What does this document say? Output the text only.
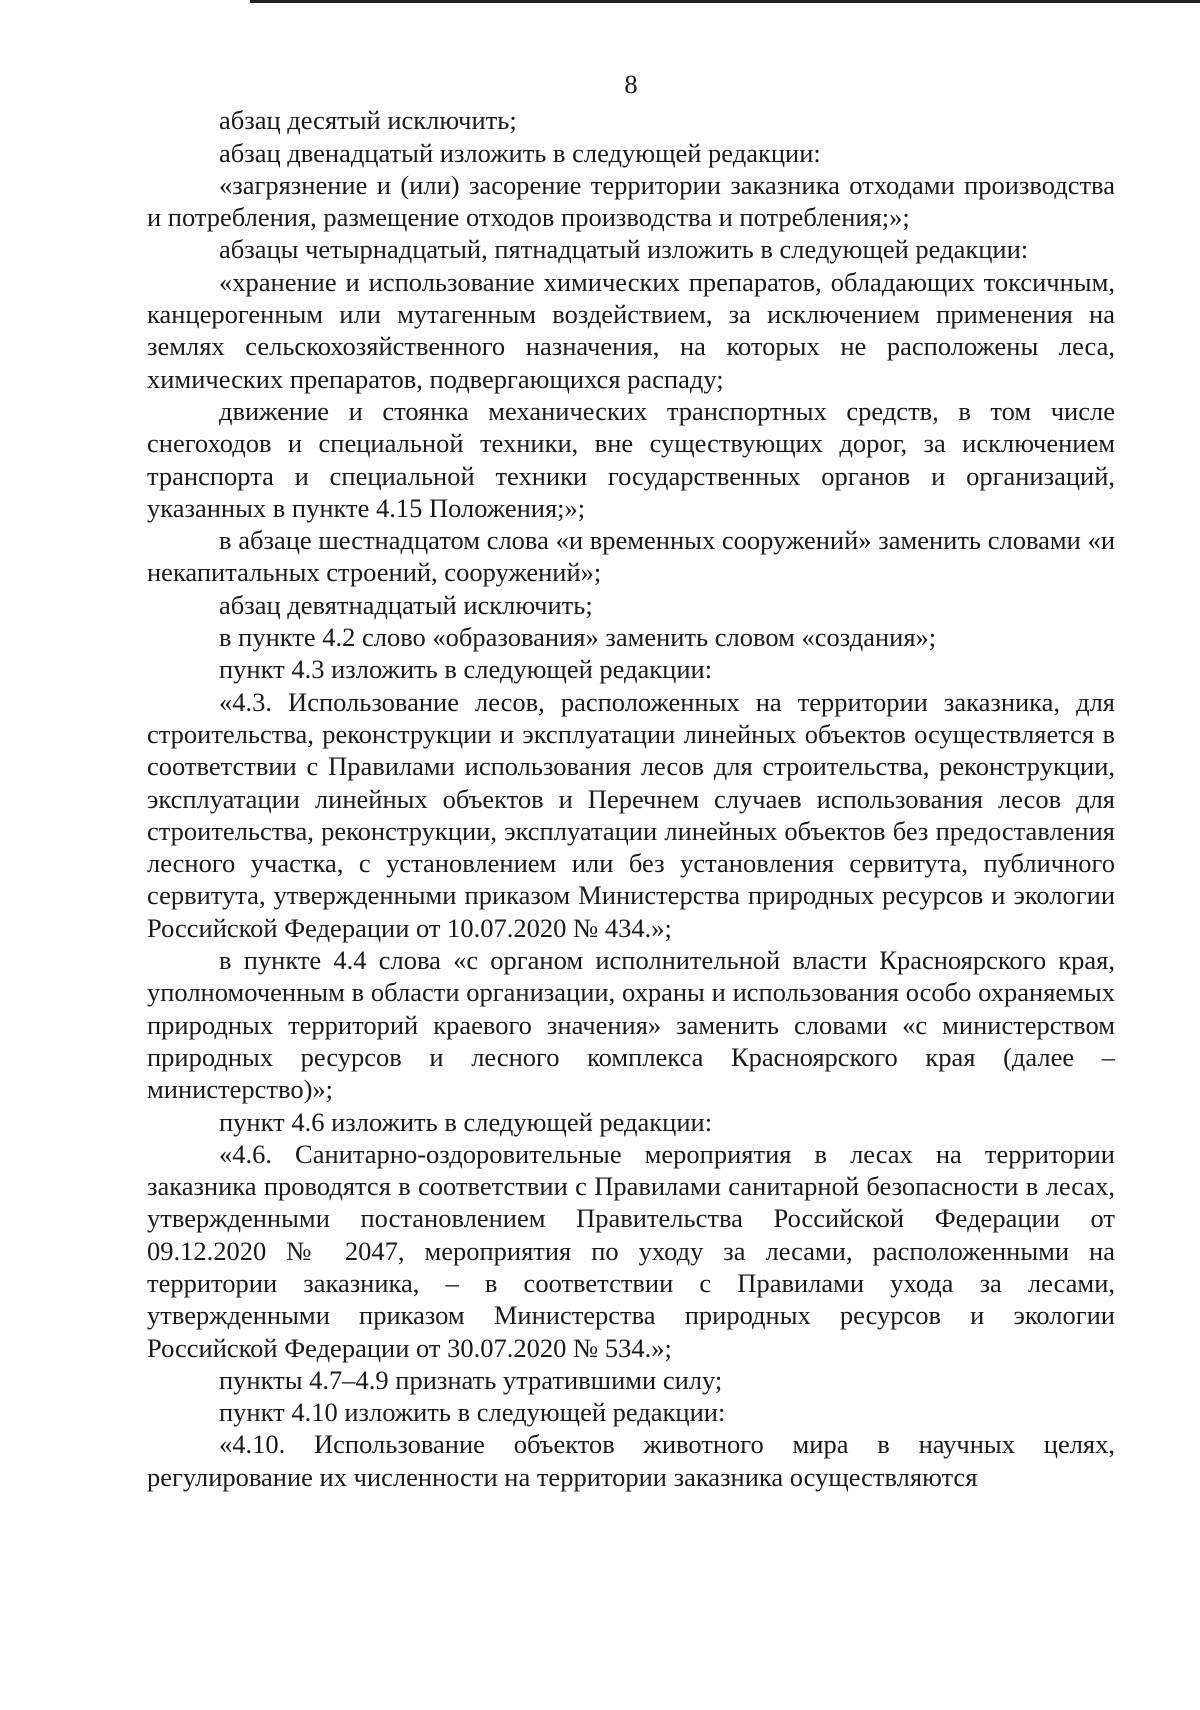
8

абзац десятый исключить;

абзац двенадцатый изложить в следующей редакции:

«загрязнение и (или) засорение территории заказника отходами производства и потребления, размещение отходов производства и потребления;»;

абзацы четырнадцатый, пятнадцатый изложить в следующей редакции:

«хранение и использование химических препаратов, обладающих токсичным, канцерогенным или мутагенным воздействием, за исключением применения на землях сельскохозяйственного назначения, на которых не расположены леса, химических препаратов, подвергающихся распаду;

движение и стоянка механических транспортных средств, в том числе снегоходов и специальной техники, вне существующих дорог, за исключением транспорта и специальной техники государственных органов и организаций, указанных в пункте 4.15 Положения;»;

в абзаце шестнадцатом слова «и временных сооружений» заменить словами «и некапитальных строений, сооружений»;

абзац девятнадцатый исключить;

в пункте 4.2 слово «образования» заменить словом «создания»;

пункт 4.3 изложить в следующей редакции:

«4.3. Использование лесов, расположенных на территории заказника, для строительства, реконструкции и эксплуатации линейных объектов осуществляется в соответствии с Правилами использования лесов для строительства, реконструкции, эксплуатации линейных объектов и Перечнем случаев использования лесов для строительства, реконструкции, эксплуатации линейных объектов без предоставления лесного участка, с установлением или без установления сервитута, публичного сервитута, утвержденными приказом Министерства природных ресурсов и экологии Российской Федерации от 10.07.2020 № 434.»;

в пункте 4.4 слова «с органом исполнительной власти Красноярского края, уполномоченным в области организации, охраны и использования особо охраняемых природных территорий краевого значения» заменить словами «с министерством природных ресурсов и лесного комплекса Красноярского края (далее – министерство)»;

пункт 4.6 изложить в следующей редакции:

«4.6. Санитарно-оздоровительные мероприятия в лесах на территории заказника проводятся в соответствии с Правилами санитарной безопасности в лесах, утвержденными постановлением Правительства Российской Федерации от 09.12.2020 № 2047, мероприятия по уходу за лесами, расположенными на территории заказника, – в соответствии с Правилами ухода за лесами, утвержденными приказом Министерства природных ресурсов и экологии Российской Федерации от 30.07.2020 № 534.»;

пункты 4.7–4.9 признать утратившими силу;

пункт 4.10 изложить в следующей редакции:

«4.10. Использование объектов животного мира в научных целях, регулирование их численности на территории заказника осуществляются
